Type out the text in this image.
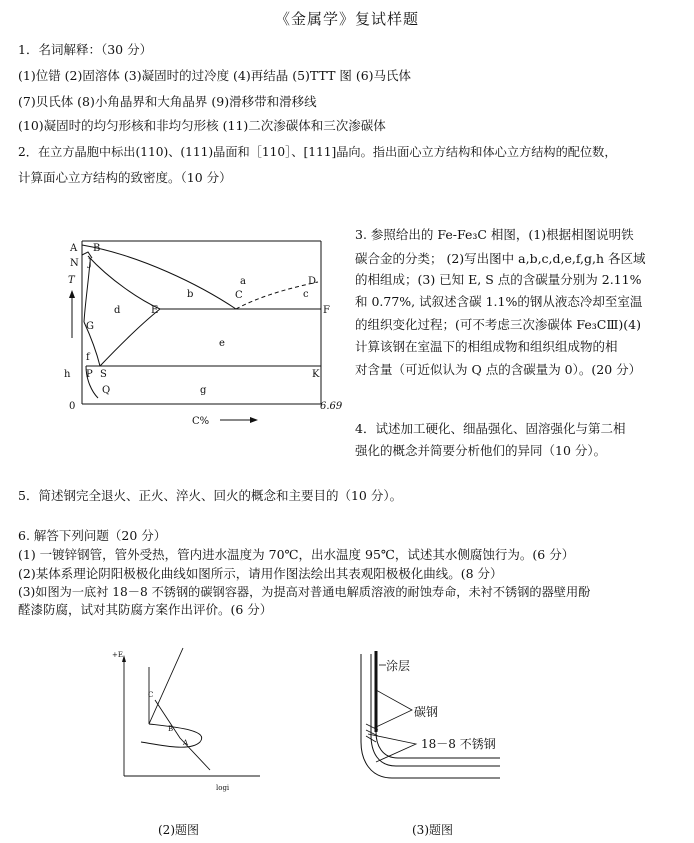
《金属学》复试样题
1．名词解释：（30 分）
(1)位错 (2)固溶体 (3)凝固时的过冷度 (4)再结晶 (5)TTT 图 (6)马氏体
(7)贝氏体 (8)小角晶界和大角晶界 (9)滑移带和滑移线
(10)凝固时的均匀形核和非均匀形核 (11)二次渗碳体和三次渗碳体
2．在立方晶胞中标出(110)、(111)晶面和［110］、[111]晶向。指出面心立方结构和体心立方结构的配位数，
计算面心立方结构的致密度。（10 分）
3. 参照给出的 Fe-Fe₃C 相图，(1)根据相图说明铁
碳合金的分类； (2)写出图中 a,b,c,d,e,f,g,h 各区域
的相组成；(3) 已知 E, S 点的含碳量分别为 2.11%
和 0.77%, 试叙述含碳 1.1%的钢从液态冷却至室温
的组织变化过程；(可不考虑三次渗碳体 Fe₃CⅢ)(4)
计算该钢在室温下的相组成物和组织组成物的相
对含量（可近似认为 Q 点的含碳量为 0）。(20 分）
4．试述加工硬化、细晶强化、固溶强化与第二相
强化的概念并简要分析他们的异同（10 分）。
5．简述钢完全退火、正火、淬火、回火的概念和主要目的（10 分）。
6. 解答下列问题（20 分）
(1) 一镀锌钢管，管外受热，管内进水温度为 70℃，出水温度 95℃，试述其水侧腐蚀行为。(6 分）
(2)某体系理论阴阳极极化曲线如图所示，请用作图法绘出其表观阳极极化曲线。(8 分）
(3)如图为一底衬 18－8 不锈钢的碳钢容器，为提高对普通电解质溶液的耐蚀寿命，未衬不锈钢的器壁用酚
醛漆防腐，试对其防腐方案作出评价。(6 分）
A B
N J
T	D
a
b	c
C
d	E	F
G
e
f
h P S	K
Q	g
0	6.69
C%
+E
logi
C
B
A
(2)题图
涂层
碳钢
18－8 不锈钢
(3)题图
